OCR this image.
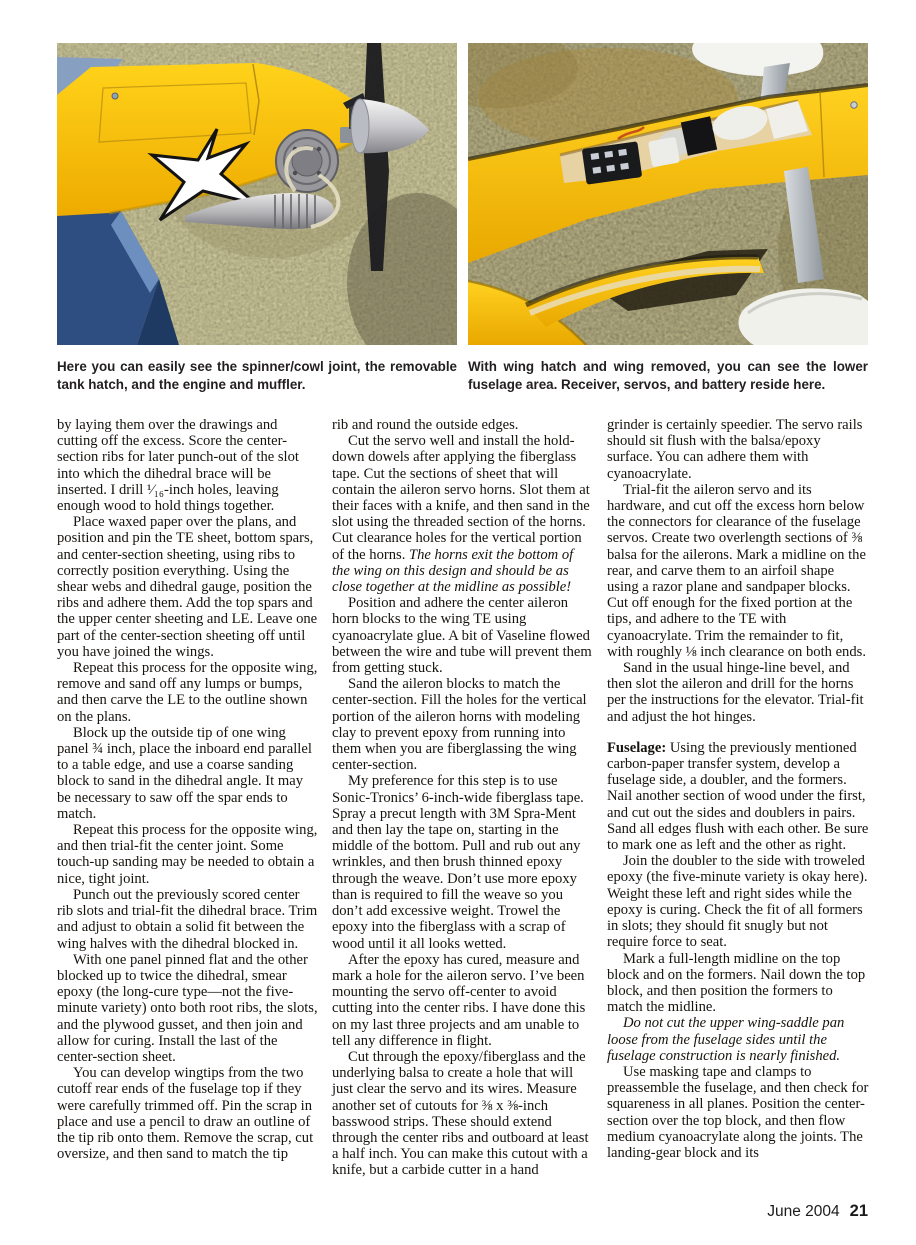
Here you can easily see the spinner/cowl joint, the removable tank hatch, and the engine and muffler.
With wing hatch and wing removed, you can see the lower fuselage area. Receiver, servos, and battery reside here.

by laying them over the drawings and cutting off the excess. Score the center-section ribs for later punch-out of the slot into which the dihedral brace will be inserted. I drill ¹⁄₁₆-inch holes, leaving enough wood to hold things together.

Place waxed paper over the plans, and position and pin the TE sheet, bottom spars, and center-section sheeting, using ribs to correctly position everything. Using the shear webs and dihedral gauge, position the ribs and adhere them. Add the top spars and the upper center sheeting and LE. Leave one part of the center-section sheeting off until you have joined the wings.

Repeat this process for the opposite wing, remove and sand off any lumps or bumps, and then carve the LE to the outline shown on the plans.

Block up the outside tip of one wing panel ¾ inch, place the inboard end parallel to a table edge, and use a coarse sanding block to sand in the dihedral angle. It may be necessary to saw off the spar ends to match.

Repeat this process for the opposite wing, and then trial-fit the center joint. Some touch-up sanding may be needed to obtain a nice, tight joint.

Punch out the previously scored center rib slots and trial-fit the dihedral brace. Trim and adjust to obtain a solid fit between the wing halves with the dihedral blocked in.

With one panel pinned flat and the other blocked up to twice the dihedral, smear epoxy (the long-cure type—not the five-minute variety) onto both root ribs, the slots, and the plywood gusset, and then join and allow for curing. Install the last of the center-section sheet.

You can develop wingtips from the two cutoff rear ends of the fuselage top if they were carefully trimmed off. Pin the scrap in place and use a pencil to draw an outline of the tip rib onto them. Remove the scrap, cut oversize, and then sand to match the tip

rib and round the outside edges.

Cut the servo well and install the hold-down dowels after applying the fiberglass tape. Cut the sections of sheet that will contain the aileron servo horns. Slot them at their faces with a knife, and then sand in the slot using the threaded section of the horns. Cut clearance holes for the vertical portion of the horns. The horns exit the bottom of the wing on this design and should be as close together at the midline as possible!

Position and adhere the center aileron horn blocks to the wing TE using cyanoacrylate glue. A bit of Vaseline flowed between the wire and tube will prevent them from getting stuck.

Sand the aileron blocks to match the center-section. Fill the holes for the vertical portion of the aileron horns with modeling clay to prevent epoxy from running into them when you are fiberglassing the wing center-section.

My preference for this step is to use Sonic-Tronics’ 6-inch-wide fiberglass tape. Spray a precut length with 3M Spra-Ment and then lay the tape on, starting in the middle of the bottom. Pull and rub out any wrinkles, and then brush thinned epoxy through the weave. Don’t use more epoxy than is required to fill the weave so you don’t add excessive weight. Trowel the epoxy into the fiberglass with a scrap of wood until it all looks wetted.

After the epoxy has cured, measure and mark a hole for the aileron servo. I’ve been mounting the servo off-center to avoid cutting into the center ribs. I have done this on my last three projects and am unable to tell any difference in flight.

Cut through the epoxy/fiberglass and the underlying balsa to create a hole that will just clear the servo and its wires. Measure another set of cutouts for ⅜ x ⅜-inch basswood strips. These should extend through the center ribs and outboard at least a half inch. You can make this cutout with a knife, but a carbide cutter in a hand

grinder is certainly speedier. The servo rails should sit flush with the balsa/epoxy surface. You can adhere them with cyanoacrylate.

Trial-fit the aileron servo and its hardware, and cut off the excess horn below the connectors for clearance of the fuselage servos. Create two overlength sections of ⅜ balsa for the ailerons. Mark a midline on the rear, and carve them to an airfoil shape using a razor plane and sandpaper blocks. Cut off enough for the fixed portion at the tips, and adhere to the TE with cyanoacrylate. Trim the remainder to fit, with roughly ⅛ inch clearance on both ends.

Sand in the usual hinge-line bevel, and then slot the aileron and drill for the horns per the instructions for the elevator. Trial-fit and adjust the hot hinges.

Fuselage: Using the previously mentioned carbon-paper transfer system, develop a fuselage side, a doubler, and the formers. Nail another section of wood under the first, and cut out the sides and doublers in pairs. Sand all edges flush with each other. Be sure to mark one as left and the other as right.

Join the doubler to the side with troweled epoxy (the five-minute variety is okay here). Weight these left and right sides while the epoxy is curing. Check the fit of all formers in slots; they should fit snugly but not require force to seat.

Mark a full-length midline on the top block and on the formers. Nail down the top block, and then position the formers to match the midline.

Do not cut the upper wing-saddle pan loose from the fuselage sides until the fuselage construction is nearly finished.

Use masking tape and clamps to preassemble the fuselage, and then check for squareness in all planes. Position the center-section over the top block, and then flow medium cyanoacrylate along the joints. The landing-gear block and its

June 2004 21
